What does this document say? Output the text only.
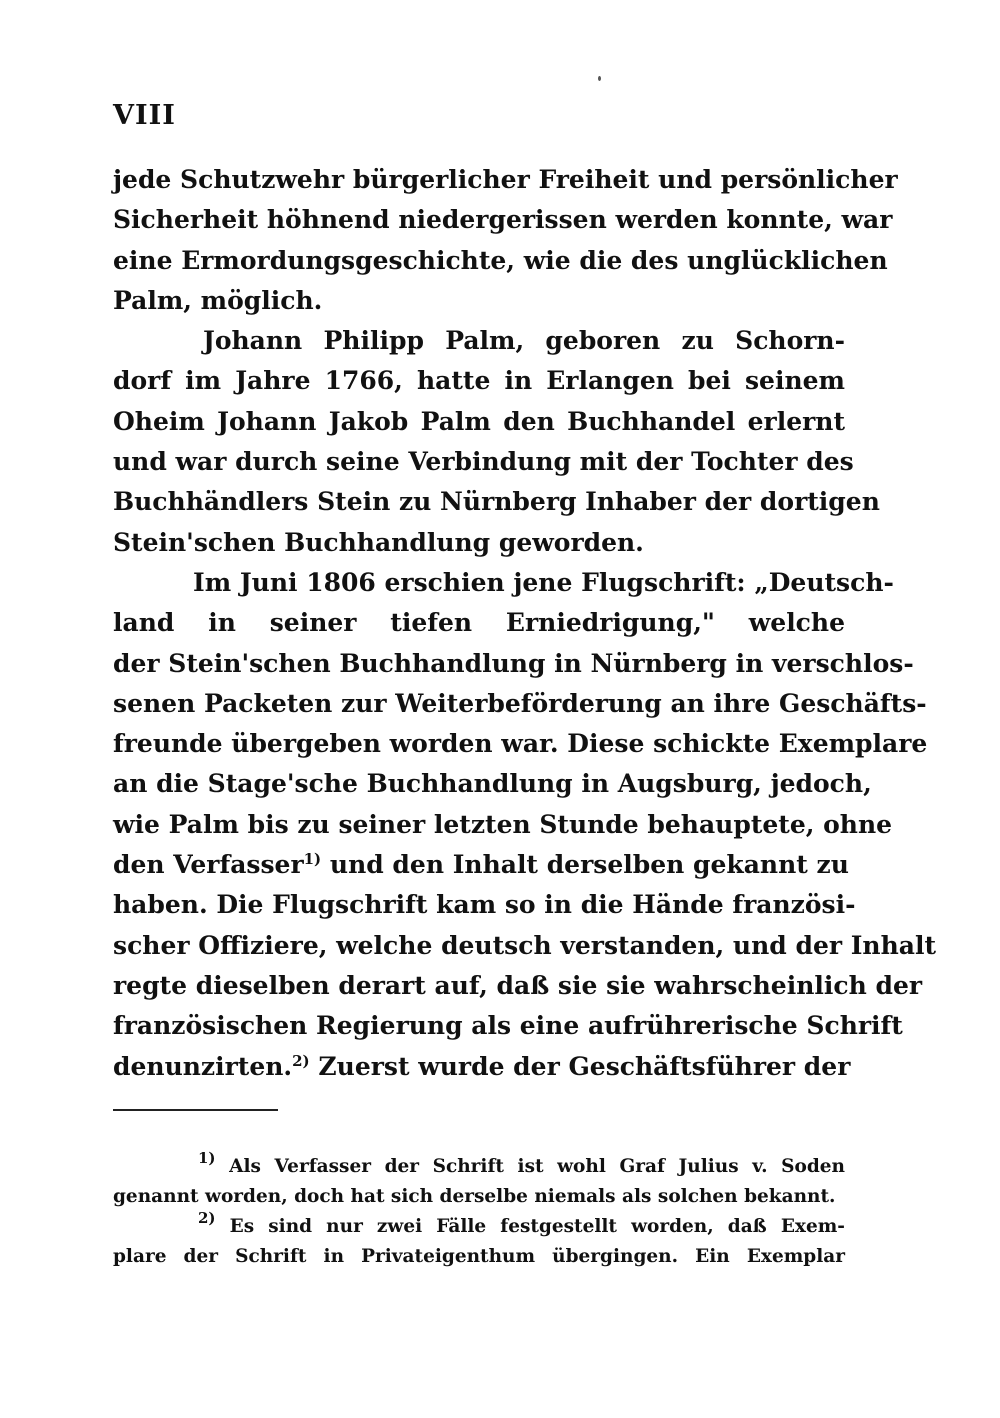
VIII
jede Schutzwehr bürgerlicher Freiheit und persönlicher
Sicherheit höhnend niedergerissen werden konnte, war
eine Ermordungsgeschichte, wie die des unglücklichen
Palm, möglich.
Johann Philipp Palm, geboren zu Schorn-
dorf im Jahre 1766, hatte in Erlangen bei seinem
Oheim Johann Jakob Palm den Buchhandel erlernt
und war durch seine Verbindung mit der Tochter des
Buchhändlers Stein zu Nürnberg Inhaber der dortigen
Stein'schen Buchhandlung geworden.
Im Juni 1806 erschien jene Flugschrift: „Deutsch-
land in seiner tiefen Erniedrigung," welche
der Stein'schen Buchhandlung in Nürnberg in verschlos-
senen Packeten zur Weiterbeförderung an ihre Geschäfts-
freunde übergeben worden war. Diese schickte Exemplare
an die Stage'sche Buchhandlung in Augsburg, jedoch,
wie Palm bis zu seiner letzten Stunde behauptete, ohne
den Verfasser$^{1)}$ und den Inhalt derselben gekannt zu
haben. Die Flugschrift kam so in die Hände französi-
scher Offiziere, welche deutsch verstanden, und der Inhalt
regte dieselben derart auf, daß sie sie wahrscheinlich der
französischen Regierung als eine aufrührerische Schrift
denunzirten.$^{2)}$ Zuerst wurde der Geschäftsführer der
$^{1)}$ Als Verfasser der Schrift ist wohl Graf Julius v. Soden
genannt worden, doch hat sich derselbe niemals als solchen bekannt.
$^{2)}$ Es sind nur zwei Fälle festgestellt worden, daß Exem-
plare der Schrift in Privateigenthum übergingen. Ein Exemplar
